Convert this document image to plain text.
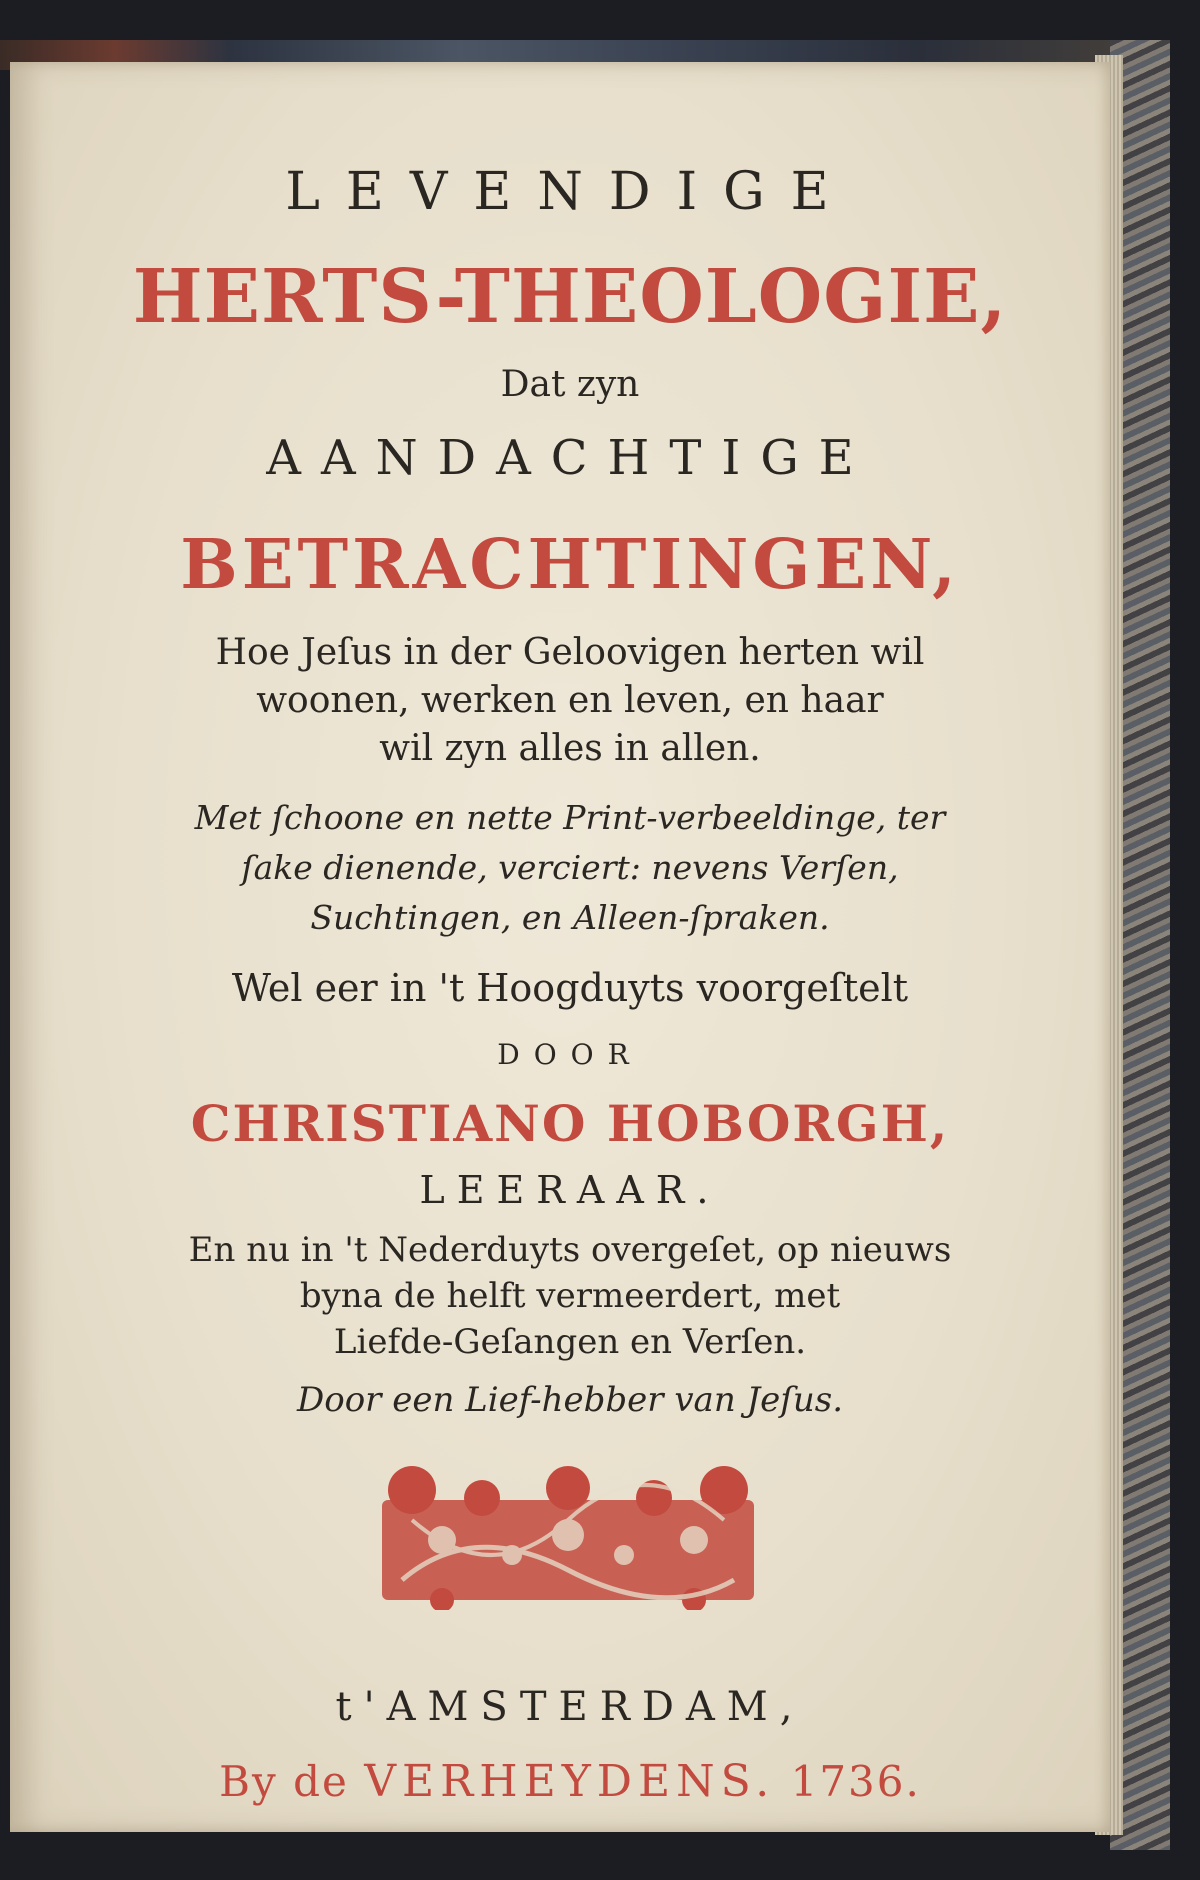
LEVENDIGE
HERTS-THEOLOGIE,
Dat zyn
AANDACHTIGE
BETRACHTINGEN,
Hoe Jeſus in der Geloovigen herten wil
woonen, werken en leven, en haar
wil zyn alles in allen.
Met ſchoone en nette Print-verbeeldinge, ter
ſake dienende, verciert: nevens Verſen,
Suchtingen, en Alleen-ſpraken.
Wel eer in 't Hoogduyts voorgeſtelt
DOOR
CHRISTIANO HOBORGH,
LEERAAR.
En nu in 't Nederduyts overgeſet, op nieuws
byna de helft vermeerdert, met
Liefde-Geſangen en Verſen.
Door een Lief-hebber van Jeſus.
t'AMSTERDAM,
By de VERHEYDENS. 1736.
